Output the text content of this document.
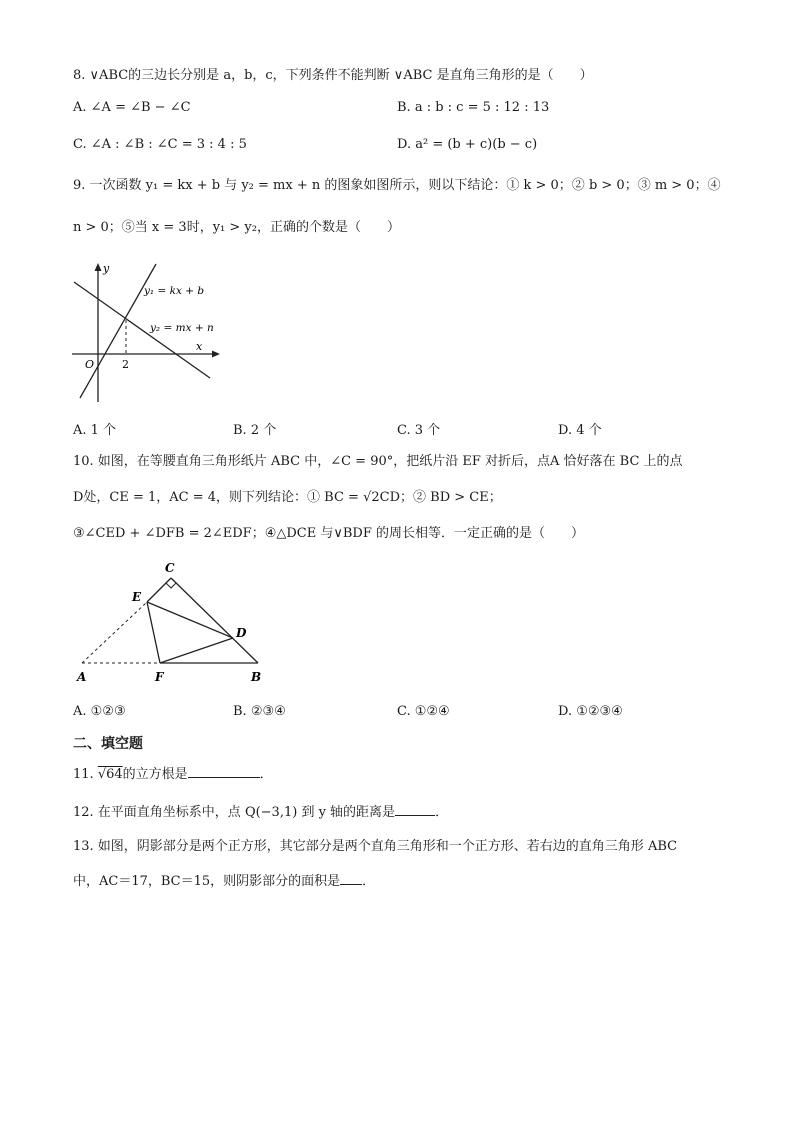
8. ∨ABC的三边长分别是 a，b，c，下列条件不能判断 ∨ABC 是直角三角形的是（　　）
A. ∠A = ∠B − ∠C	B. a : b : c = 5 : 12 : 13
C. ∠A : ∠B : ∠C = 3 : 4 : 5	D. a² = (b + c)(b − c)
9. 一次函数 y₁ = kx + b 与 y₂ = mx + n 的图象如图所示，则以下结论：① k > 0；② b > 0；③ m > 0；④
n > 0；⑤当 x = 3时，y₁ > y₂，正确的个数是（　　）
y
x
O	2
y₁ = kx + b
y₂ = mx + n
A. 1 个	B. 2 个	C. 3 个	D. 4 个
10. 如图，在等腰直角三角形纸片 ABC 中，∠C = 90°，把纸片沿 EF 对折后，点A 恰好落在 BC 上的点
D处，CE = 1，AC = 4，则下列结论：① BC = √2CD；② BD > CE；
③∠CED + ∠DFB = 2∠EDF；④△DCE 与∨BDF 的周长相等．一定正确的是（　　）
C
E
D
A	F	B
A. ①②③	B. ②③④	C. ①②④	D. ①②③④
二、填空题
11. √64的立方根是	．
12. 在平面直角坐标系中，点 Q(−3,1) 到 y 轴的距离是	．
13. 如图，阴影部分是两个正方形，其它部分是两个直角三角形和一个正方形、若右边的直角三角形 ABC
中，AC＝17，BC＝15，则阴影部分的面积是 ．
